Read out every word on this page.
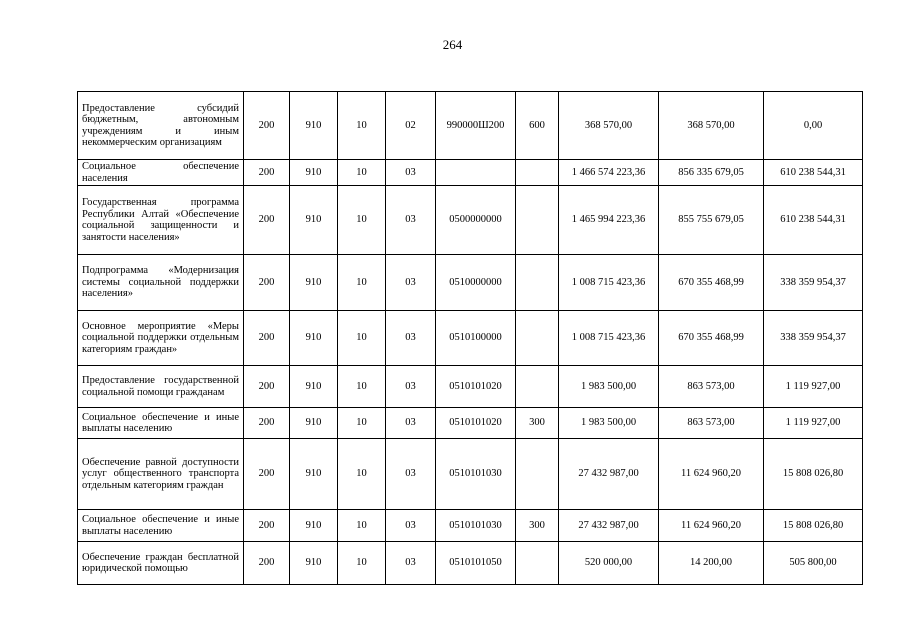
264
Предоставление субсидий бюджетным, автономным учреждениям и иным некоммерческим организациям	200	910	10	02	990000Ш200	600	368 570,00	368 570,00	0,00
Социальное обеспечение населения	200	910	10	03			1 466 574 223,36	856 335 679,05	610 238 544,31
Государственная программа Республики Алтай «Обеспечение социальной защищенности и занятости населения»	200	910	10	03	0500000000		1 465 994 223,36	855 755 679,05	610 238 544,31
Подпрограмма «Модернизация системы социальной поддержки населения»	200	910	10	03	0510000000		1 008 715 423,36	670 355 468,99	338 359 954,37
Основное мероприятие «Меры социальной поддержки отдельным категориям граждан»	200	910	10	03	0510100000		1 008 715 423,36	670 355 468,99	338 359 954,37
Предоставление государственной социальной помощи гражданам	200	910	10	03	0510101020		1 983 500,00	863 573,00	1 119 927,00
Социальное обеспечение и иные выплаты населению	200	910	10	03	0510101020	300	1 983 500,00	863 573,00	1 119 927,00
Обеспечение равной доступности услуг общественного транспорта отдельным категориям граждан	200	910	10	03	0510101030		27 432 987,00	11 624 960,20	15 808 026,80
Социальное обеспечение и иные выплаты населению	200	910	10	03	0510101030	300	27 432 987,00	11 624 960,20	15 808 026,80
Обеспечение граждан бесплатной юридической помощью	200	910	10	03	0510101050		520 000,00	14 200,00	505 800,00
